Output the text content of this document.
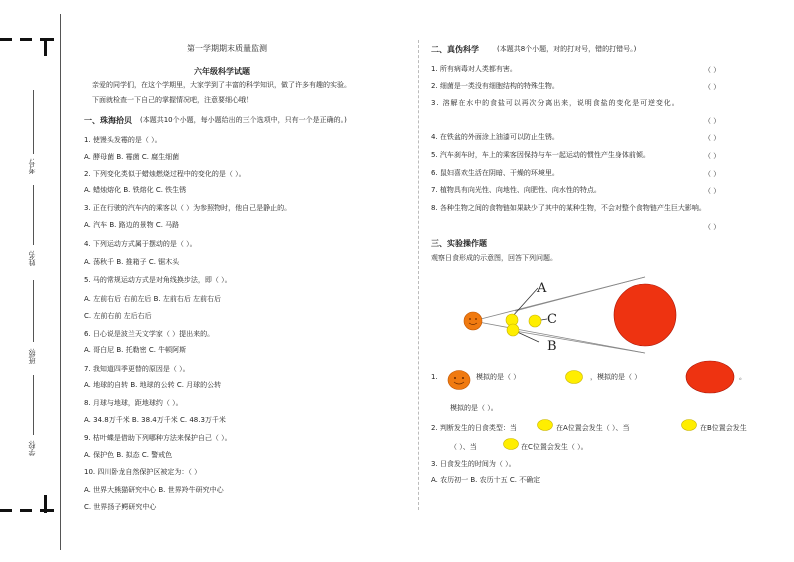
考号:
姓名:
班级:
学校:
第一学期期末质量监测
六年级科学试题
亲爱的同学们，在这个学期里，大家学到了丰富的科学知识，做了许多有趣的实验。
下面就检查一下自己的掌握情况吧，注意要细心哦！
一、珠海拾贝 (本题共10个小题，每小题给出的三个选项中，只有一个是正确的。)
1. 使馒头发霉的是（ ）。
A. 酵母菌 B. 霉菌 C. 腐生细菌
2. 下列变化类似于蜡烛燃烧过程中的变化的是（ ）。
A. 蜡烛熔化 B. 铁熔化 C. 铁生锈
3. 正在行驶的汽车内的乘客以（ ）为参照物时，他自己是静止的。
A. 汽车 B. 路边的景物 C. 马路
4. 下列运动方式属于摆动的是（ ）。
A. 荡秋千 B. 推箱子 C. 锯木头
5. 马的常规运动方式是对角线换步法，即（ ）。
A. 左前右后 右前左后 B. 左前右后 左前右后
C. 左前右前 左后右后
6. 日心说是波兰天文学家（ ）提出来的。
A. 哥白尼 B. 托勒密 C. 牛顿阿斯
7. 我知道四季更替的原因是（ ）。
A. 地球的自转 B. 地球的公转 C. 月球的公转
8. 月球与地球，距地球约（ ）。
A. 34.8万千米 B. 38.4万千米 C. 48.3万千米
9. 枯叶蝶是借助下列哪种方法来保护自己（ ）。
A. 保护色 B. 拟态 C. 警戒色
10. 四川卧龙自然保护区被定为：（ ）
A. 世界大熊猫研究中心 B. 世界羚牛研究中心
C. 世界扬子鳄研究中心
二、真伪科学	(本题共8个小题，对的打对号，错的打错号。)
1. 所有病毒对人类都有害。	（ ）
2. 细菌是一类没有细胞结构的特殊生物。	（ ）
3. 溶解在水中的食盐可以再次分离出来，说明食盐的变化是可逆变化。
（ ）
4. 在铁盆的外面涂上油漆可以防止生锈。	（ ）
5. 汽车刹车时，车上的乘客因保持与车一起运动的惯性产生身体前倾。	（ ）
6. 鼠妇喜欢生活在阴暗、干燥的环境里。	（ ）
7. 植物具有向光性、向地性、向肥性、向水性的特点。	（ ）
8. 各种生物之间的食物链如果缺少了其中的某种生物，不会对整个食物链产生巨大影响。
（ ）
三、实验操作题
观察日食形成的示意图，回答下列问题。
A
C
B
1.	模拟的是（ ）	，模拟的是（ ）	。
模拟的是（ ）。
2. 判断发生的日食类型：当	在A位置会发生（ ）、当	在B位置会发生
（ ）、当	在C位置会发生（ ）。
3. 日食发生的时间为（ ）。
A. 农历初一 B. 农历十五 C. 不确定
